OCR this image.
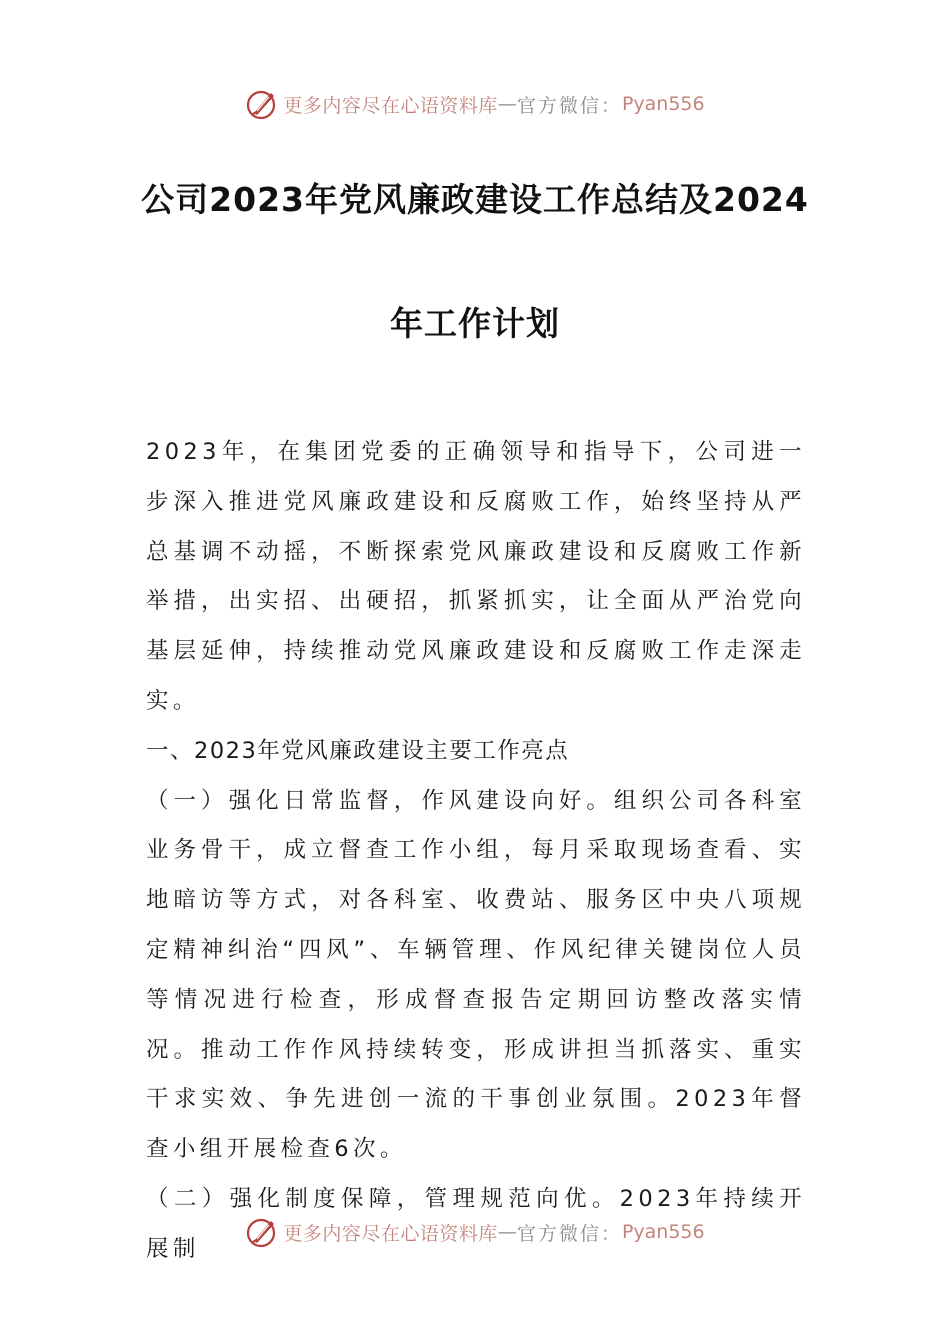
更多内容尽在心语资料库 — 官方微信： Pyan556
公司2023年党风廉政建设工作总结及2024
年工作计划

2023年，在集团党委的正确领导和指导下，公司进一步深入推进党风廉政建设和反腐败工作，始终坚持从严总基调不动摇，不断探索党风廉政建设和反腐败工作新举措，出实招、出硬招，抓紧抓实，让全面从严治党向基层延伸，持续推动党风廉政建设和反腐败工作走深走实。

一、2023年党风廉政建设主要工作亮点

（一）强化日常监督，作风建设向好。组织公司各科室业务骨干，成立督查工作小组，每月采取现场查看、实地暗访等方式，对各科室、收费站、服务区中央八项规定精神纠治“四风”、车辆管理、作风纪律关键岗位人员等情况进行检查，形成督查报告定期回访整改落实情况。推动工作作风持续转变，形成讲担当抓落实、重实干求实效、争先进创一流的干事创业氛围。2023年督查小组开展检查6次。

（二）强化制度保障，管理规范向优。2023年持续开展制

更多内容尽在心语资料库 — 官方微信： Pyan556
